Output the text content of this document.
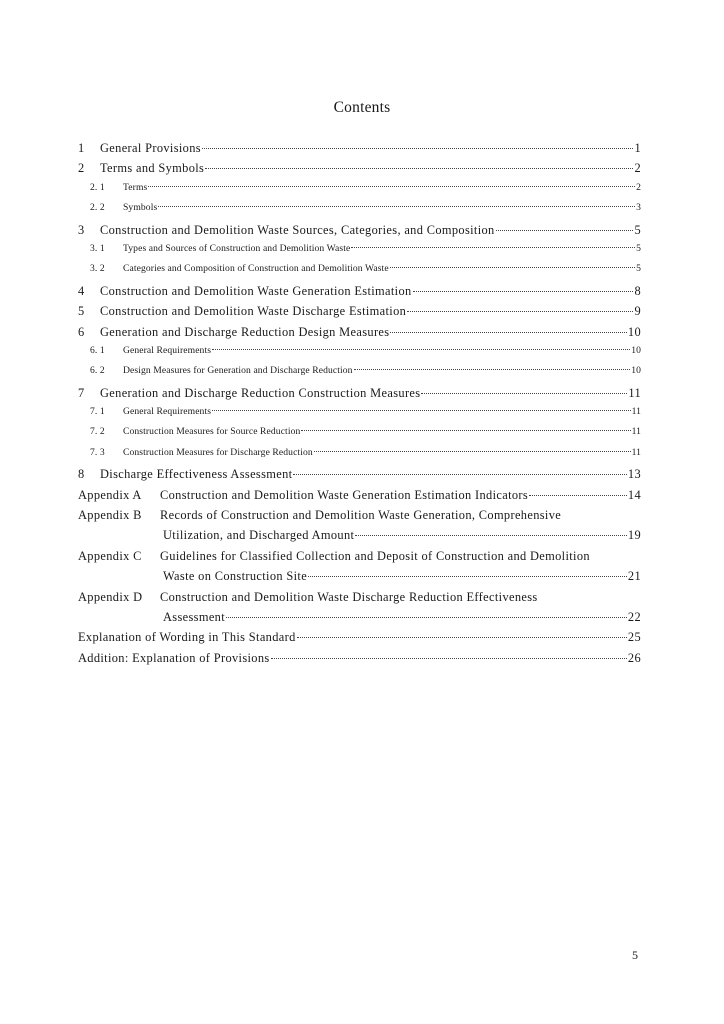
Contents
1	General Provisions	1
2	Terms and Symbols	2
2. 1	Terms	2
2. 2	Symbols	3
3	Construction and Demolition Waste Sources, Categories, and Composition	5
3. 1	Types and Sources of Construction and Demolition Waste	5
3. 2	Categories and Composition of Construction and Demolition Waste	5
4	Construction and Demolition Waste Generation Estimation	8
5	Construction and Demolition Waste Discharge Estimation	9
6	Generation and Discharge Reduction Design Measures	10
6. 1	General Requirements	10
6. 2	Design Measures for Generation and Discharge Reduction	10
7	Generation and Discharge Reduction Construction Measures	11
7. 1	General Requirements	11
7. 2	Construction Measures for Source Reduction	11
7. 3	Construction Measures for Discharge Reduction	11
8	Discharge Effectiveness Assessment	13
Appendix A	Construction and Demolition Waste Generation Estimation Indicators	14
Appendix B	Records of Construction and Demolition Waste Generation, Comprehensive
Utilization, and Discharged Amount	19
Appendix C	Guidelines for Classified Collection and Deposit of Construction and Demolition
Waste on Construction Site	21
Appendix D	Construction and Demolition Waste Discharge Reduction Effectiveness
Assessment	22
Explanation of Wording in This Standard	25
Addition: Explanation of Provisions	26
5
